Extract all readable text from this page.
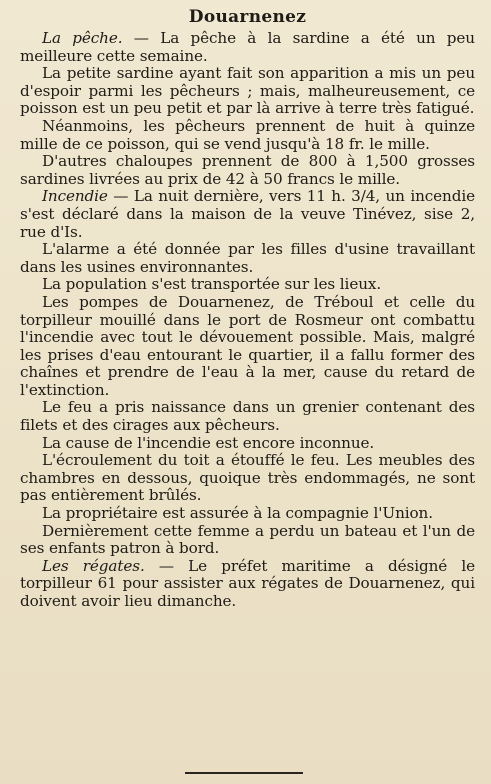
Douarnenez

La pêche. — La pêche à la sardine a été un peu meilleure cette semaine.

La petite sardine ayant fait son apparition a mis un peu d'espoir parmi les pêcheurs ; mais, malheureusement, ce poisson est un peu petit et par là arrive à terre très fatigué.

Néanmoins, les pêcheurs prennent de huit à quinze mille de ce poisson, qui se vend jusqu'à 18 fr. le mille.

D'autres chaloupes prennent de 800 à 1,500 grosses sardines livrées au prix de 42 à 50 francs le mille.

Incendie — La nuit dernière, vers 11 h. 3/4, un incendie s'est déclaré dans la maison de la veuve Tinévez, sise 2, rue d'Is.

L'alarme a été donnée par les filles d'usine travaillant dans les usines environnantes.

La population s'est transportée sur les lieux.

Les pompes de Douarnenez, de Tréboul et celle du torpilleur mouillé dans le port de Rosmeur ont combattu l'incendie avec tout le dévouement possible. Mais, malgré les prises d'eau entourant le quartier, il a fallu former des chaînes et prendre de l'eau à la mer, cause du retard de l'extinction.

Le feu a pris naissance dans un grenier contenant des filets et des cirages aux pêcheurs.

La cause de l'incendie est encore inconnue.

L'écroulement du toit a étouffé le feu. Les meubles des chambres en dessous, quoique très endommagés, ne sont pas entièrement brûlés.

La propriétaire est assurée à la compagnie l'Union.

Dernièrement cette femme a perdu un bateau et l'un de ses enfants patron à bord.

Les régates. — Le préfet maritime a désigné le torpilleur 61 pour assister aux régates de Douarnenez, qui doivent avoir lieu dimanche.
